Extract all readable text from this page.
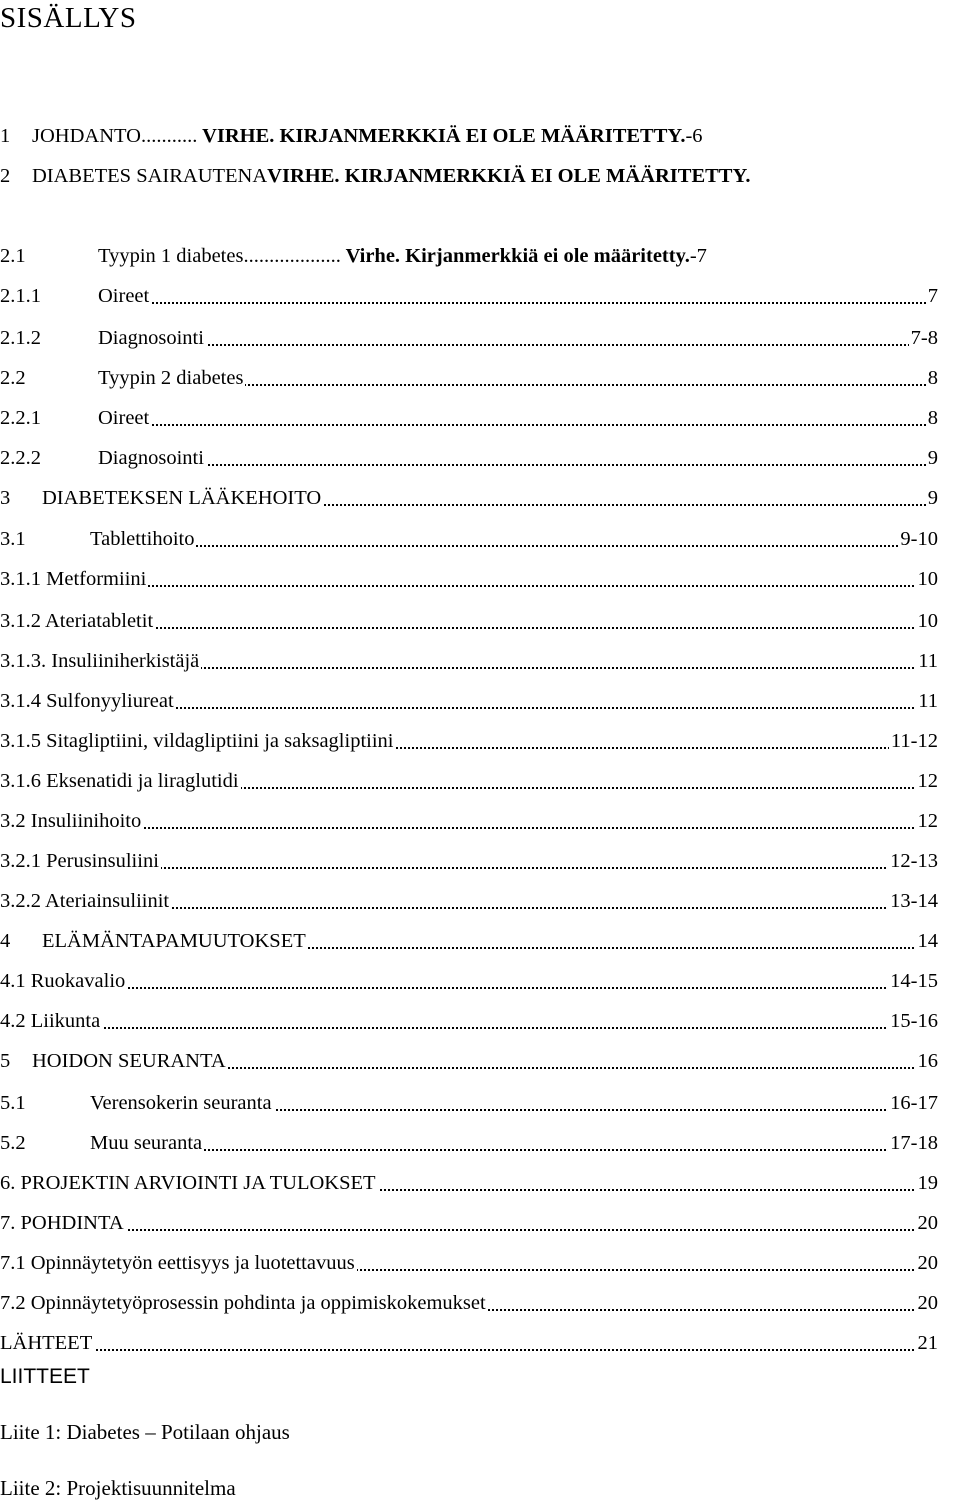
SISÄLLYS
1 JOHDANTO........... VIRHE. KIRJANMERKKIÄ EI OLE MÄÄRITETTY.-6
2 DIABETES SAIRAUTENAVIRHE. KIRJANMERKKIÄ EI OLE MÄÄRITETTY.
2.1	Tyypin 1 diabetes................... Virhe. Kirjanmerkkiä ei ole määritetty.-7
2.1.1	Oireet	7
2.1.2	Diagnosointi	7-8
2.2	Tyypin 2 diabetes	8
2.2.1	Oireet	8
2.2.2	Diagnosointi	9
3 DIABETEKSEN LÄÄKEHOITO	9
3.1	Tablettihoito	9-10
3.1.1 Metformiini	10
3.1.2 Ateriatabletit	10
3.1.3. Insuliiniherkistäjä	11
3.1.4 Sulfonyyliureat	11
3.1.5 Sitagliptiini, vildagliptiini ja saksagliptiini	11-12
3.1.6 Eksenatidi ja liraglutidi	12
3.2 Insuliinihoito	12
3.2.1 Perusinsuliini	12-13
3.2.2 Ateriainsuliinit	13-14
4 ELÄMÄNTAPAMUUTOKSET	14
4.1 Ruokavalio	14-15
4.2 Liikunta	15-16
5 HOIDON SEURANTA	16
5.1	Verensokerin seuranta	16-17
5.2	Muu seuranta	17-18
6. PROJEKTIN ARVIOINTI JA TULOKSET	19
7. POHDINTA	20
7.1 Opinnäytetyön eettisyys ja luotettavuus	20
7.2 Opinnäytetyöprosessin pohdinta ja oppimiskokemukset	20
LÄHTEET	21
LIITTEET
Liite 1: Diabetes – Potilaan ohjaus
Liite 2: Projektisuunnitelma
